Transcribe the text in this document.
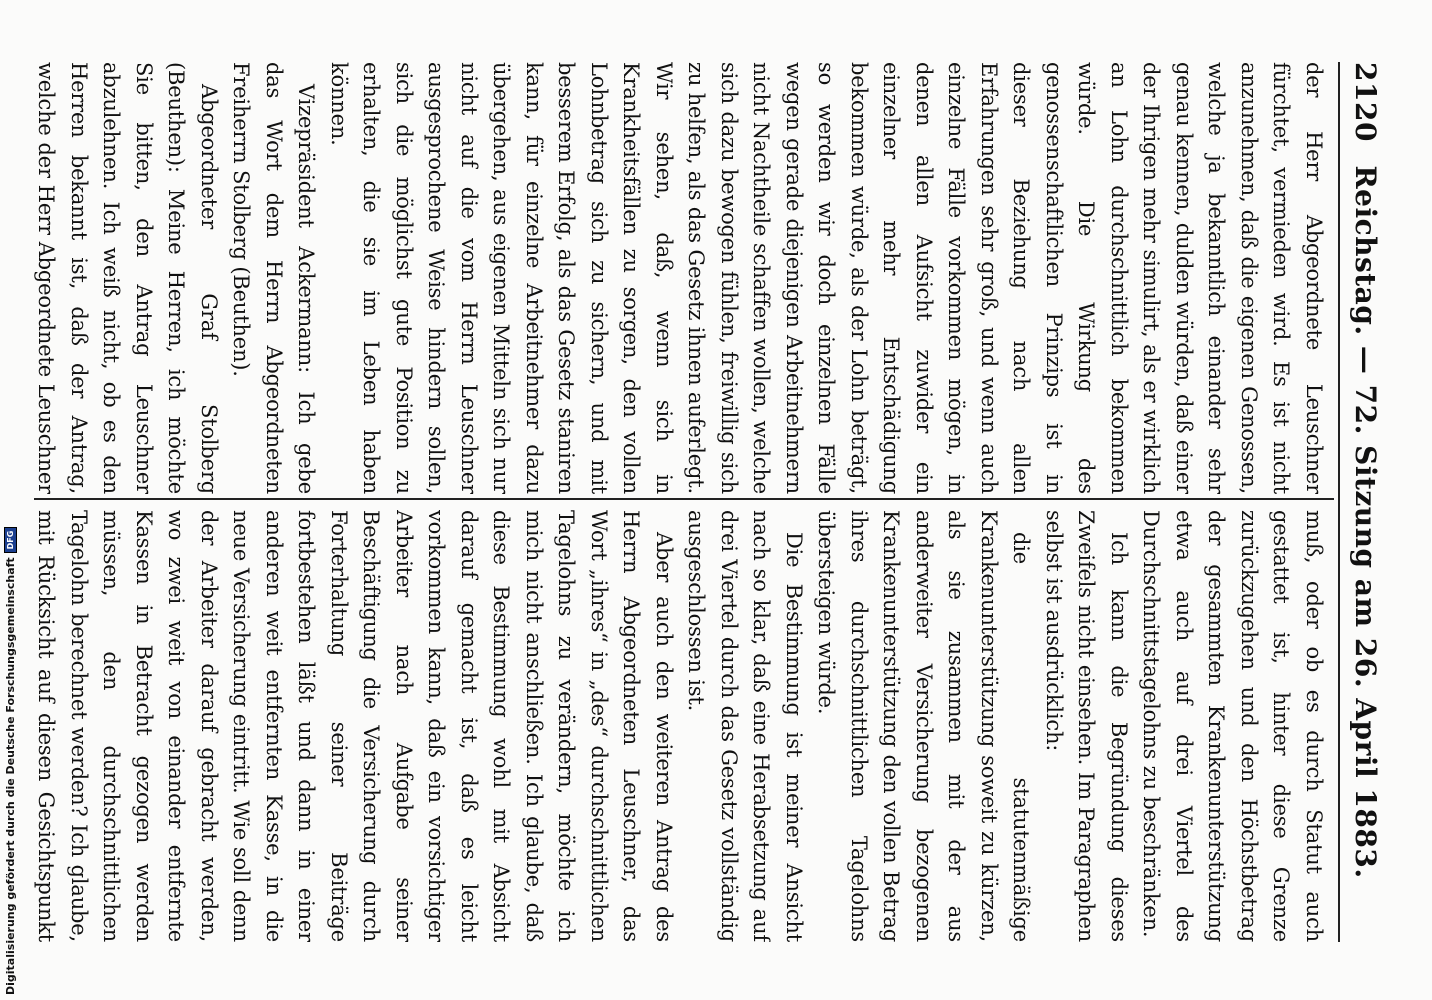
2120
Reichstag. — 72. Sitzung am 26. April 1883.

der Herr Abgeordnete Leuschner fürchtet, vermieden wird. Es ist nicht anzunehmen, daß die eigenen Genossen, welche ja bekanntlich einander sehr genau kennen, dulden würden, daß einer der Ihrigen mehr simulirt, als er wirklich an Lohn durchschnittlich bekommen würde. Die Wirkung des genossenschaftlichen Prinzips ist in dieser Beziehung nach allen Erfahrungen sehr groß, und wenn auch einzelne Fälle vorkommen mögen, in denen allen Aufsicht zuwider ein einzelner mehr Entschädigung bekommen würde, als der Lohn beträgt, so werden wir doch einzelnen Fälle wegen gerade diejenigen Arbeitnehmern nicht Nachtheile schaffen wollen, welche sich dazu bewogen fühlen, freiwillig sich zu helfen, als das Gesetz ihnen auferlegt. Wir sehen, daß, wenn sich in Krankheitsfällen zu sorgen, den vollen Lohnbetrag sich zu sichern, und mit besserem Erfolg, als das Gesetz staniren kann, für einzelne Arbeitnehmer dazu übergehen, aus eigenen Mitteln sich nur nicht auf die vom Herrn Leuschner ausgesprochene Weise hindern sollen, sich die möglichst gute Position zu erhalten, die sie im Leben haben können.

Vizepräsident Ackermann: Ich gebe das Wort dem Herrn Abgeordneten Freiherrn Stolberg (Beuthen).

Abgeordneter Graf Stolberg (Beuthen): Meine Herren, ich möchte Sie bitten, den Antrag Leuschner abzulehnen. Ich weiß nicht, ob es den Herren bekannt ist, daß der Antrag, welche der Herr Abgeordnete Leuschner

muß, oder ob es durch Statut auch gestattet ist, hinter diese Grenze zurückzugehen und den Höchstbetrag der gesammten Krankenunterstützung etwa auch auf drei Viertel des Durchschnittstagelohns zu beschränken.

Ich kann die Begründung dieses Zweifels nicht einsehen. Im Paragraphen selbst ist ausdrücklich:

die statutenmäßige Krankenunterstützung soweit zu kürzen, als sie zusammen mit der aus anderweiter Versicherung bezogenen Krankenunterstützung den vollen Betrag ihres durchschnittlichen Tagelohns übersteigen würde.

Die Bestimmung ist meiner Ansicht nach so klar, daß eine Herabsetzung auf drei Viertel durch das Gesetz vollständig ausgeschlossen ist.

Aber auch den weiteren Antrag des Herrn Abgeordneten Leuschner, das Wort „ihres“ in „des“ durchschnittlichen Tagelohns zu verändern, möchte ich mich nicht anschließen. Ich glaube, daß diese Bestimmung wohl mit Absicht darauf gemacht ist, daß es leicht vorkommen kann, daß ein vorsichtiger Arbeiter nach Aufgabe seiner Beschäftigung die Versicherung durch Forterhaltung seiner Beiträge fortbestehen läßt und dann in einer anderen weit entfernten Kasse, in die neue Versicherung eintritt. Wie soll denn der Arbeiter darauf gebracht werden, wo zwei weit von einander entfernte Kassen in Betracht gezogen werden müssen, den durchschnittlichen Tagelohn berechnet werden? Ich glaube, mit Rücksicht auf diesen Gesichtspunkt

Digitalisierung gefördert durch die Deutsche Forschungsgemeinschaft
DFG
